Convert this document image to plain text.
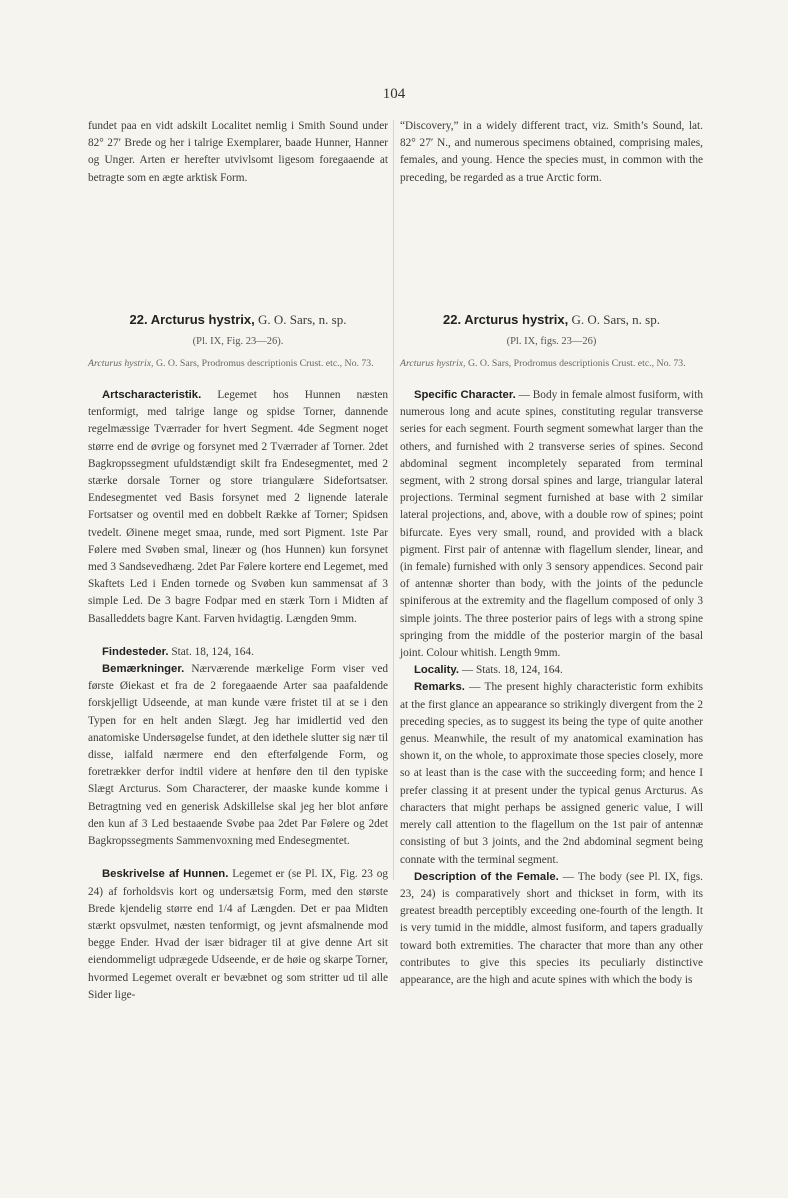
104

fundet paa en vidt adskilt Localitet nemlig i Smith Sound under 82° 27′ Brede og her i talrige Exemplarer, baade Hunner, Hanner og Unger. Arten er herefter utvivlsomt ligesom foregaaende at betragte som en ægte arktisk Form.

22. Arcturus hystrix, G. O. Sars, n. sp.
(Pl. IX, Fig. 23—26).

Arcturus hystrix, G. O. Sars, Prodromus descriptionis Crust. etc., No. 73.

Artscharacteristik. Legemet hos Hunnen næsten tenformigt, med talrige lange og spidse Torner, dannende regelmæssige Tværrader for hvert Segment. 4de Segment noget større end de øvrige og forsynet med 2 Tværrader af Torner. 2det Bagkropssegment ufuldstændigt skilt fra Endesegmentet, med 2 stærke dorsale Torner og store triangulære Sidefortsatser. Endesegmentet ved Basis forsynet med 2 lignende laterale Fortsatser og oventil med en dobbelt Række af Torner; Spidsen tvedelt. Øinene meget smaa, runde, med sort Pigment. 1ste Par Følere med Svøben smal, lineær og (hos Hunnen) kun forsynet med 3 Sandsevedhæng. 2det Par Følere kortere end Legemet, med Skaftets Led i Enden tornede og Svøben kun sammensat af 3 simple Led. De 3 bagre Fodpar med en stærk Torn i Midten af Basalleddets bagre Kant. Farven hvidagtig. Længden 9mm.

Findesteder. Stat. 18, 124, 164.

Bemærkninger. Nærværende mærkelige Form viser ved første Øiekast et fra de 2 foregaaende Arter saa paafaldende forskjelligt Udseende, at man kunde være fristet til at se i den Typen for en helt anden Slægt. Jeg har imidlertid ved den anatomiske Undersøgelse fundet, at den idethele slutter sig nær til disse, ialfald nærmere end den efterfølgende Form, og foretrækker derfor indtil videre at henføre den til den typiske Slægt Arcturus. Som Characterer, der maaske kunde komme i Betragtning ved en generisk Adskillelse skal jeg her blot anføre den kun af 3 Led bestaaende Svøbe paa 2det Par Følere og 2det Bagkropssegments Sammenvoxning med Endesegmentet.

Beskrivelse af Hunnen. Legemet er (se Pl. IX, Fig. 23 og 24) af forholdsvis kort og undersætsig Form, med den største Brede kjendelig større end 1/4 af Længden. Det er paa Midten stærkt opsvulmet, næsten tenformigt, og jevnt afsmalnende mod begge Ender. Hvad der især bidrager til at give denne Art sit eiendommeligt udprægede Udseende, er de høie og skarpe Torner, hvormed Legemet overalt er bevæbnet og som stritter ud til alle Sider lige-

“Discovery,” in a widely different tract, viz. Smith’s Sound, lat. 82° 27′ N., and numerous specimens obtained, comprising males, females, and young. Hence the species must, in common with the preceding, be regarded as a true Arctic form.

22. Arcturus hystrix, G. O. Sars, n. sp.
(Pl. IX, figs. 23—26)

Arcturus hystrix, G. O. Sars, Prodromus descriptionis Crust. etc., No. 73.

Specific Character. — Body in female almost fusiform, with numerous long and acute spines, constituting regular transverse series for each segment. Fourth segment somewhat larger than the others, and furnished with 2 transverse series of spines. Second abdominal segment incompletely separated from terminal segment, with 2 strong dorsal spines and large, triangular lateral projections. Terminal segment furnished at base with 2 similar lateral projections, and, above, with a double row of spines; point bifurcate. Eyes very small, round, and provided with a black pigment. First pair of antennæ with flagellum slender, linear, and (in female) furnished with only 3 sensory appendices. Second pair of antennæ shorter than body, with the joints of the peduncle spiniferous at the extremity and the flagellum composed of only 3 simple joints. The three posterior pairs of legs with a strong spine springing from the middle of the posterior margin of the basal joint. Colour whitish. Length 9mm.

Locality. — Stats. 18, 124, 164.

Remarks. — The present highly characteristic form exhibits at the first glance an appearance so strikingly divergent from the 2 preceding species, as to suggest its being the type of quite another genus. Meanwhile, the result of my anatomical examination has shown it, on the whole, to approximate those species closely, more so at least than is the case with the succeeding form; and hence I prefer classing it at present under the typical genus Arcturus. As characters that might perhaps be assigned generic value, I will merely call attention to the flagellum on the 1st pair of antennæ consisting of but 3 joints, and the 2nd abdominal segment being connate with the terminal segment.

Description of the Female. — The body (see Pl. IX, figs. 23, 24) is comparatively short and thickset in form, with its greatest breadth perceptibly exceeding one-fourth of the length. It is very tumid in the middle, almost fusiform, and tapers gradually toward both extremities. The character that more than any other contributes to give this species its peculiarly distinctive appearance, are the high and acute spines with which the body is
